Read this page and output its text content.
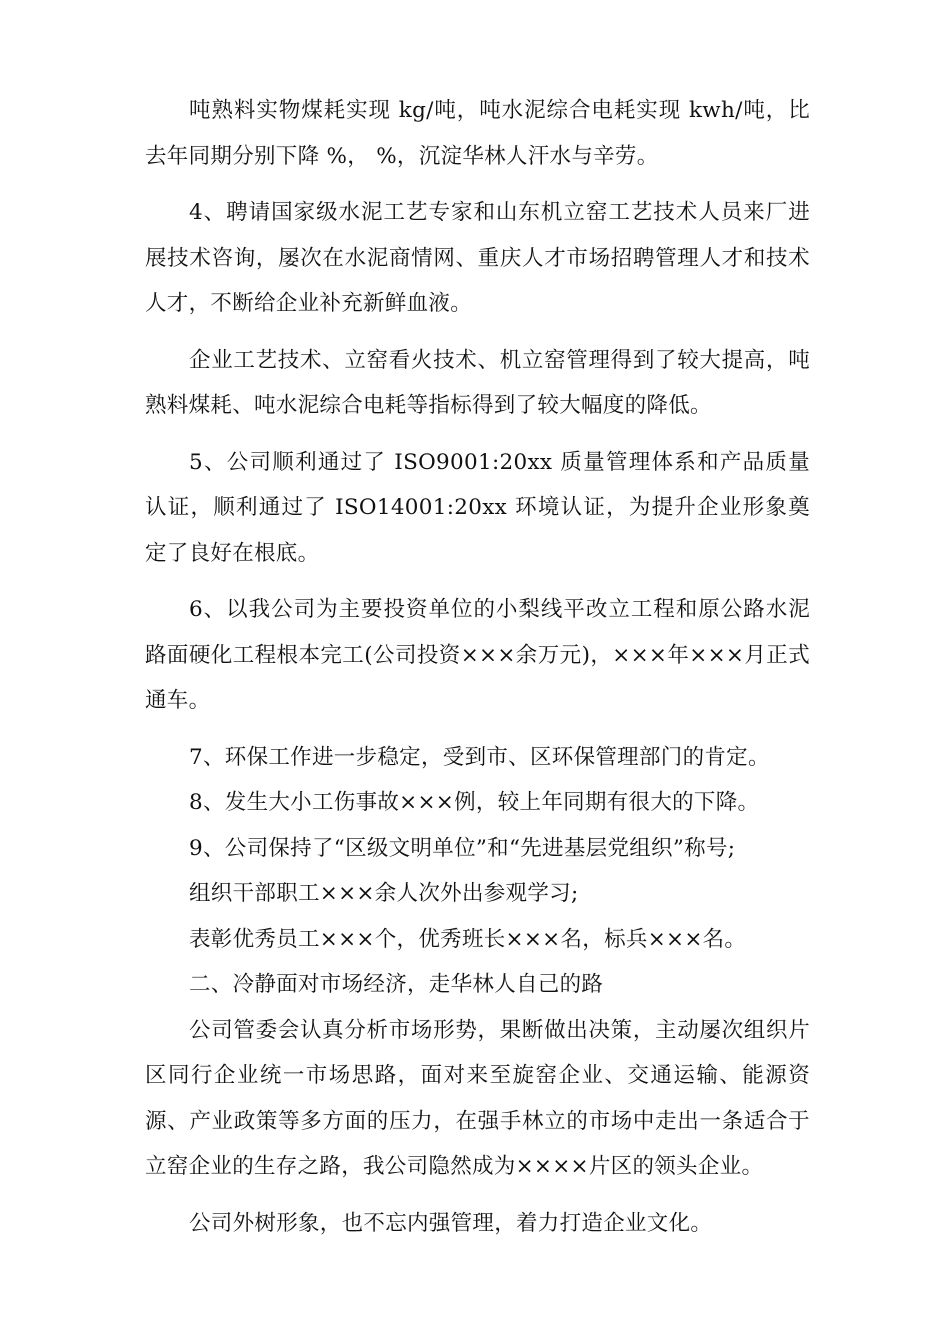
吨熟料实物煤耗实现 kg/吨，吨水泥综合电耗实现 kwh/吨，比去年同期分别下降 %， %，沉淀华林人汗水与辛劳。

4、聘请国家级水泥工艺专家和山东机立窑工艺技术人员来厂进展技术咨询，屡次在水泥商情网、重庆人才市场招聘管理人才和技术人才，不断给企业补充新鲜血液。

企业工艺技术、立窑看火技术、机立窑管理得到了较大提高，吨熟料煤耗、吨水泥综合电耗等指标得到了较大幅度的降低。

5、公司顺利通过了 ISO9001:20xx 质量管理体系和产品质量认证，顺利通过了 ISO14001:20xx 环境认证，为提升企业形象奠定了良好在根底。

6、以我公司为主要投资单位的小梨线平改立工程和原公路水泥路面硬化工程根本完工(公司投资×××余万元)，×××年×××月正式通车。

7、环保工作进一步稳定，受到市、区环保管理部门的肯定。

8、发生大小工伤事故×××例，较上年同期有很大的下降。

9、公司保持了“区级文明单位”和“先进基层党组织”称号;

组织干部职工×××余人次外出参观学习;

表彰优秀员工×××个，优秀班长×××名，标兵×××名。

二、冷静面对市场经济，走华林人自己的路

公司管委会认真分析市场形势，果断做出决策，主动屡次组织片区同行企业统一市场思路，面对来至旋窑企业、交通运输、能源资源、产业政策等多方面的压力，在强手林立的市场中走出一条适合于立窑企业的生存之路，我公司隐然成为××××片区的领头企业。

公司外树形象，也不忘内强管理，着力打造企业文化。
